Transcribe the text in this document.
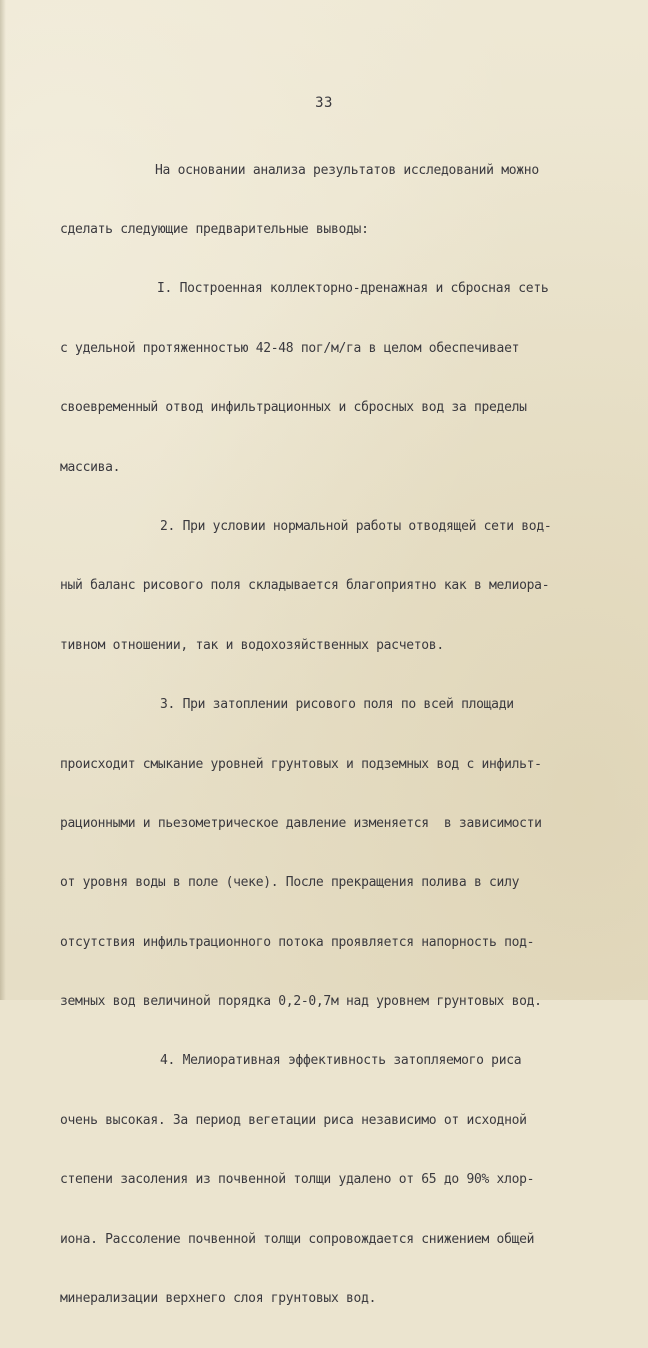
33

На основании анализа результатов исследований можно

сделать следующие предварительные выводы:

I. Построенная коллекторно-дренажная и сбросная сеть

с удельной протяженностью 42-48 пог/м/га в целом обеспечивает

своевременный отвод инфильтрационных и сбросных вод за пределы

массива.

2. При условии нормальной работы отводящей сети вод-

ный баланс рисового поля складывается благоприятно как в мелиора-

тивном отношении, так и водохозяйственных расчетов.

3. При затоплении рисового поля по всей площади

происходит смыкание уровней грунтовых и подземных вод с инфильт-

рационными и пьезометрическое давление изменяется  в зависимости

от уровня воды в поле (чеке). После прекращения полива в силу

отсутствия инфильтрационного потока проявляется напорность под-

земных вод величиной порядка 0,2-0,7м над уровнем грунтовых вод.

4. Мелиоративная эффективность затопляемого риса

очень высокая. За период вегетации риса независимо от исходной

степени засоления из почвенной толщи удалено от 65 до 90% хлор-

иона. Рассоление почвенной толщи сопровождается снижением общей

минерализации верхнего слоя грунтовых вод.
